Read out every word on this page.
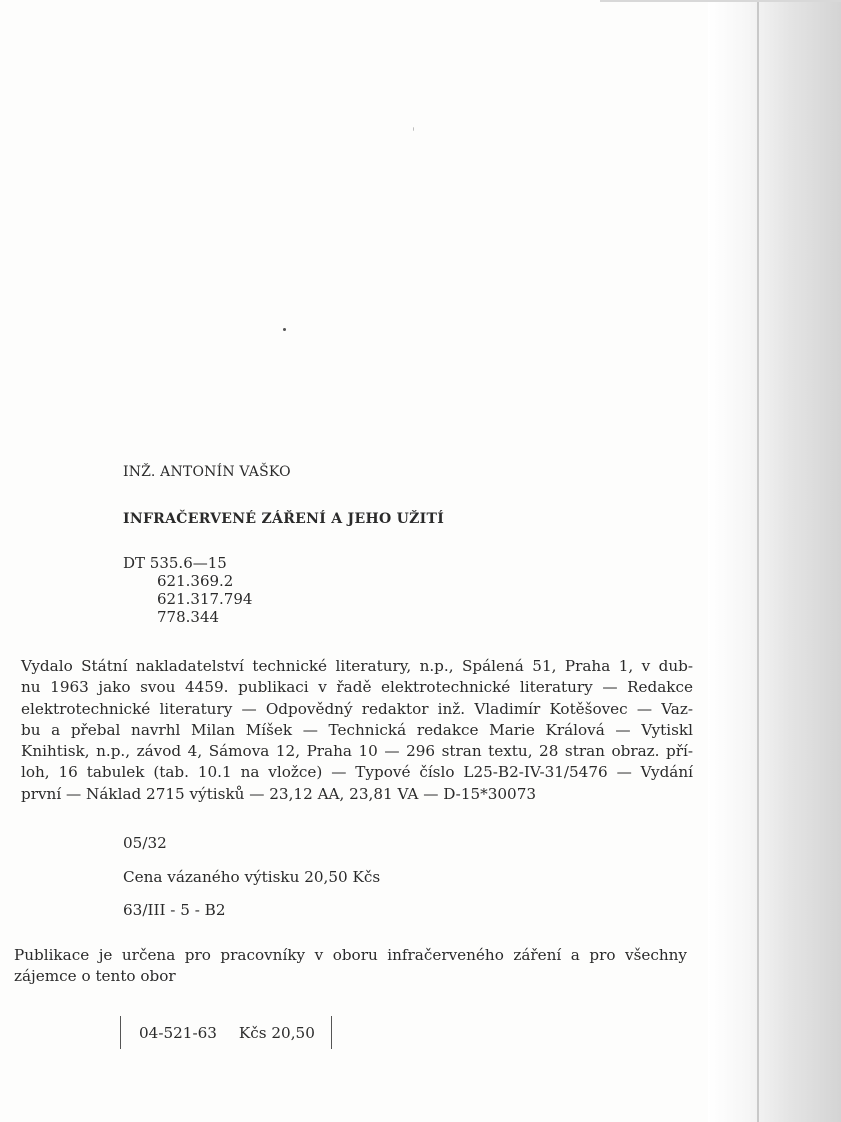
INŽ. ANTONÍN VAŠKO
INFRAČERVENÉ ZÁŘENÍ A JEHO UŽITÍ
DT 535.6—15
621.369.2
621.317.794
778.344
Vydalo Státní nakladatelství technické literatury, n.p., Spálená 51, Praha 1, v dub-
nu 1963 jako svou 4459. publikaci v řadě elektrotechnické literatury — Redakce
elektrotechnické literatury — Odpovědný redaktor inž. Vladimír Kotěšovec — Vaz-
bu a přebal navrhl Milan Míšek — Technická redakce Marie Králová — Vytiskl
Knihtisk, n.p., závod 4, Sámova 12, Praha 10 — 296 stran textu, 28 stran obraz. pří-
loh, 16 tabulek (tab. 10.1 na vložce) — Typové číslo L25-B2-IV-31/5476 — Vydání
první — Náklad 2715 výtisků — 23,12 AA, 23,81 VA — D-15*30073
05/32
Cena vázaného výtisku 20,50 Kčs
63/III - 5 - B2
Publikace je určena pro pracovníky v oboru infračerveného záření a pro všechny
zájemce o tento obor
04-521-63 Kčs 20,50
